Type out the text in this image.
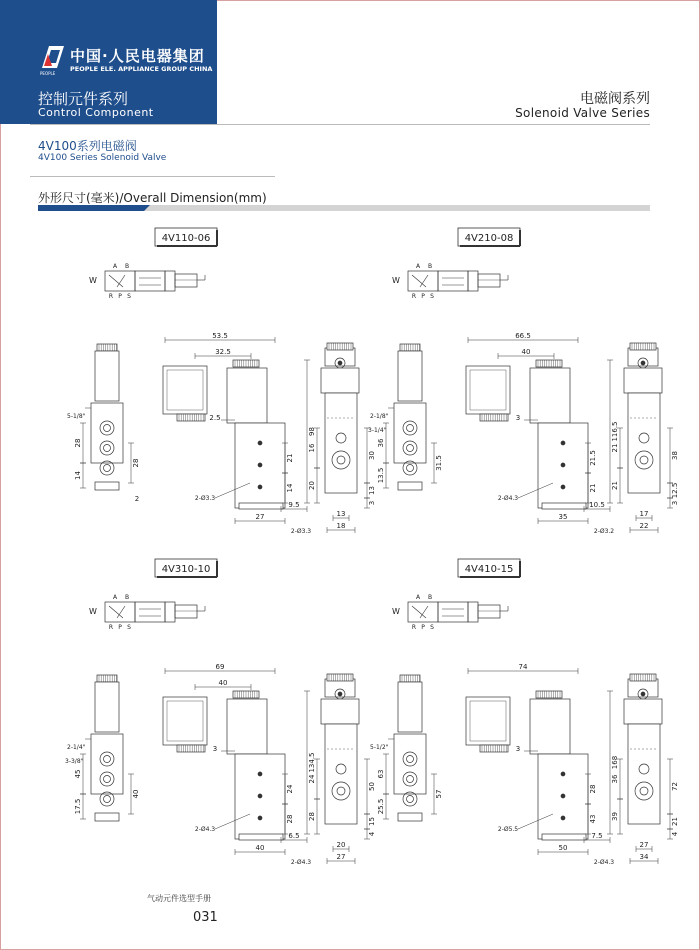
中国·人民电器集团
PEOPLE ELE. APPLIANCE GROUP CHINA
PEOPLE
控制元件系列
Control Component
电磁阀系列
Solenoid Valve Series
4V100系列电磁阀
4V100 Series Solenoid Valve
外形尺寸(毫米)/Overall Dimension(mm)
4V110-06
A B
W
R P S
5-1/8"
28
14
28
2
53.5
32.5
2.5
98
21
14
2-Ø3.3
27
9.5
2-Ø3.3
16
20
30
13
3
13
18
4V210-08
A B
W
R P S
2-1/8"
3-1/4"
36
13.5
31.5
66.5
40
3
116.5
21.5
21
2-Ø4.3
35
10.5
2-Ø3.2
21
21
38
12.5
3
17
22
4V310-10
A B
W
R P S
2-1/4"
3-3/8"
45
17.5
40
69
40
3
134.5
24
28
2-Ø4.3
40
6.5
2-Ø4.3
24
28
50
15
4
20
27
4V410-15
A B
W
R P S
5-1/2"
63
25.5
57
74
3
168
28
43
2-Ø5.5
50
7.5
2-Ø4.3
36
39
72
21
4
27
34
气动元件选型手册
031
